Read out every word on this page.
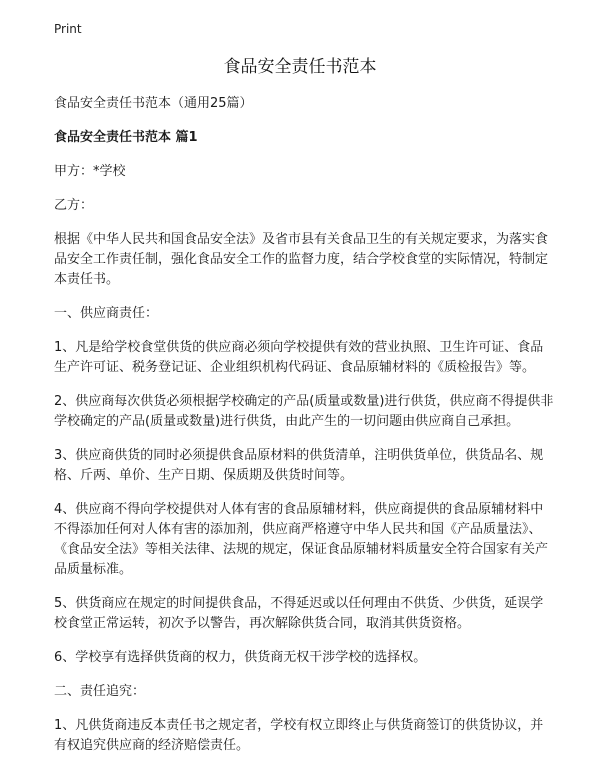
Print
食品安全责任书范本

食品安全责任书范本（通用25篇）

食品安全责任书范本 篇1

甲方：*学校

乙方：

根据《中华人民共和国食品安全法》及省市县有关食品卫生的有关规定要求，为落实食品安全工作责任制，强化食品安全工作的监督力度，结合学校食堂的实际情况，特制定本责任书。

一、供应商责任：

1、凡是给学校食堂供货的供应商必须向学校提供有效的营业执照、卫生许可证、食品生产许可证、税务登记证、企业组织机构代码证、食品原辅材料的《质检报告》等。

2、供应商每次供货必须根据学校确定的产品(质量或数量)进行供货，供应商不得提供非学校确定的产品(质量或数量)进行供货，由此产生的一切问题由供应商自己承担。

3、供应商供货的同时必须提供食品原材料的供货清单，注明供货单位，供货品名、规格、斤两、单价、生产日期、保质期及供货时间等。

4、供应商不得向学校提供对人体有害的食品原辅材料，供应商提供的食品原辅材料中不得添加任何对人体有害的添加剂，供应商严格遵守中华人民共和国《产品质量法》、《食品安全法》等相关法律、法规的规定，保证食品原辅材料质量安全符合国家有关产品质量标准。

5、供货商应在规定的时间提供食品，不得延迟或以任何理由不供货、少供货，延误学校食堂正常运转，初次予以警告，再次解除供货合同，取消其供货资格。

6、学校享有选择供货商的权力，供货商无权干涉学校的选择权。

二、责任追究：

1、凡供货商违反本责任书之规定者，学校有权立即终止与供货商签订的供货协议，并有权追究供应商的经济赔偿责任。
